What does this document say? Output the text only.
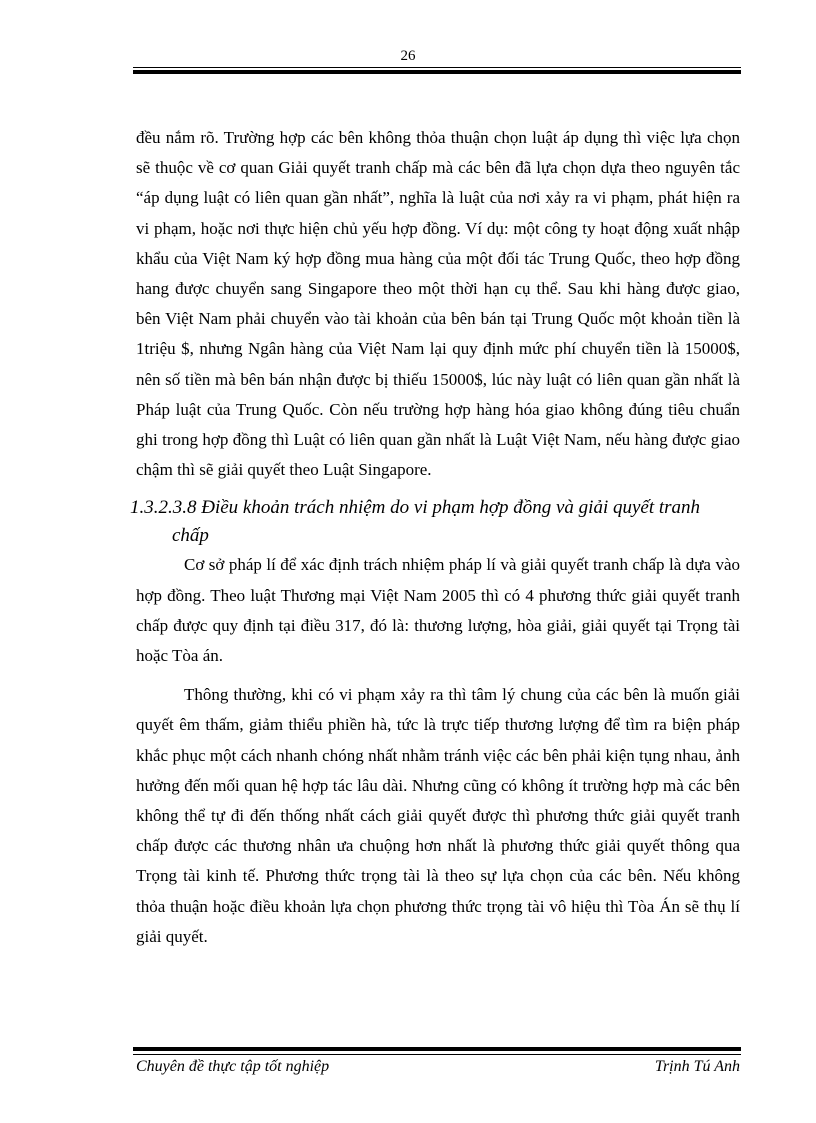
26

đều nắm rõ. Trường hợp các bên không thỏa thuận chọn luật áp dụng thì việc lựa chọn sẽ thuộc về cơ quan Giải quyết tranh chấp mà các bên đã lựa chọn dựa theo nguyên tắc “áp dụng luật có liên quan gần nhất”, nghĩa là luật của nơi xảy ra vi phạm, phát hiện ra vi phạm, hoặc nơi thực hiện chủ yếu hợp đồng. Ví dụ: một công ty hoạt động xuất nhập khẩu của Việt Nam ký hợp đồng mua hàng của một đối tác Trung Quốc, theo hợp đồng hang được chuyển sang Singapore theo một thời hạn cụ thể. Sau khi hàng được giao, bên Việt Nam phải chuyển vào tài khoản của bên bán tại Trung Quốc một khoản tiền là 1triệu $, nhưng Ngân hàng của Việt Nam lại quy định mức phí chuyển tiền là 15000$, nên số tiền mà bên bán nhận được bị thiếu 15000$, lúc này luật có liên quan gần nhất là Pháp luật của Trung Quốc. Còn nếu trường hợp hàng hóa giao không đúng tiêu chuẩn ghi trong hợp đồng thì Luật có liên quan gần nhất là Luật Việt Nam, nếu hàng được giao chậm thì sẽ giải quyết theo Luật Singapore.

1.3.2.3.8 Điều khoản trách nhiệm do vi phạm hợp đồng và giải quyết tranh chấp

Cơ sở pháp lí để xác định trách nhiệm pháp lí và giải quyết tranh chấp là dựa vào hợp đồng. Theo luật Thương mại Việt Nam 2005 thì có 4 phương thức giải quyết tranh chấp được quy định tại điều 317, đó là: thương lượng, hòa giải, giải quyết tại Trọng tài hoặc Tòa án.

Thông thường, khi có vi phạm xảy ra thì tâm lý chung của các bên là muốn giải quyết êm thấm, giảm thiểu phiền hà, tức là trực tiếp thương lượng để tìm ra biện pháp khắc phục một cách nhanh chóng nhất nhằm tránh việc các bên phải kiện tụng nhau, ảnh hưởng đến mối quan hệ hợp tác lâu dài. Nhưng cũng có không ít trường hợp mà các bên không thể tự đi đến thống nhất cách giải quyết được thì phương thức giải quyết tranh chấp được các thương nhân ưa chuộng hơn nhất là phương thức giải quyết thông qua Trọng tài kinh tế. Phương thức trọng tài là theo sự lựa chọn của các bên. Nếu không thỏa thuận hoặc điều khoản lựa chọn phương thức trọng tài vô hiệu thì Tòa Án sẽ thụ lí giải quyết.

Chuyên đề thực tập tốt nghiệp	Trịnh Tú Anh
